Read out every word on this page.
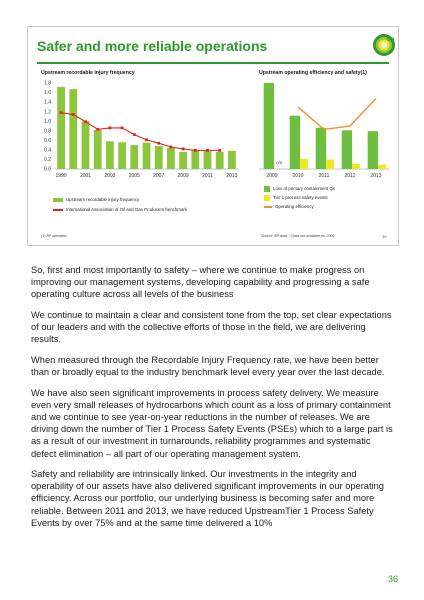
Safer and more reliable operations	bp
Upstream recordable injury frequency
1.8
1.6
1.4
1.2
1.0
0.8
0.6
0.4
0.2
0.0
1999	2001	2003	2005	2007	2009	2011	2013
Upstream recordable injury frequency
International Association of Oil and Gas Producers benchmark
Upstream operating efficiency and safety(1)
2009	2010	2011	2012	2013
n/a
Loss of primary containment Qs
Tier 1 process safety events
Operating efficiency
(1) BP operated	Source: BP data; * Data not available for 2009	36

So, first and most importantly to safety – where we continue to make progress on improving our management systems, developing capability and progressing a safe operating culture across all levels of the business

We continue to maintain a clear and consistent tone from the top, set clear expectations of our leaders and with the collective efforts of those in the field, we are delivering results.

When measured through the Recordable Injury Frequency rate, we have been better than or broadly equal to the industry benchmark level every year over the last decade.

We have also seen significant improvements in process safety delivery. We measure even very small releases of hydrocarbons which count as a loss of primary containment and we continue to see year-on-year reductions in the number of releases. We are driving down the number of Tier 1 Process Safety Events (PSEs) which to a large part is as a result of our investment in turnarounds, reliability programmes and systematic defect elimination – all part of our operating management system.

Safety and reliability are intrinsically linked. Our investments in the integrity and operability of our assets have also delivered significant improvements in our operating efficiency. Across our portfolio, our underlying business is becoming safer and more reliable. Between 2011 and 2013, we have reduced UpstreamTier 1 Process Safety Events by over 75% and at the same time delivered a 10%

36
